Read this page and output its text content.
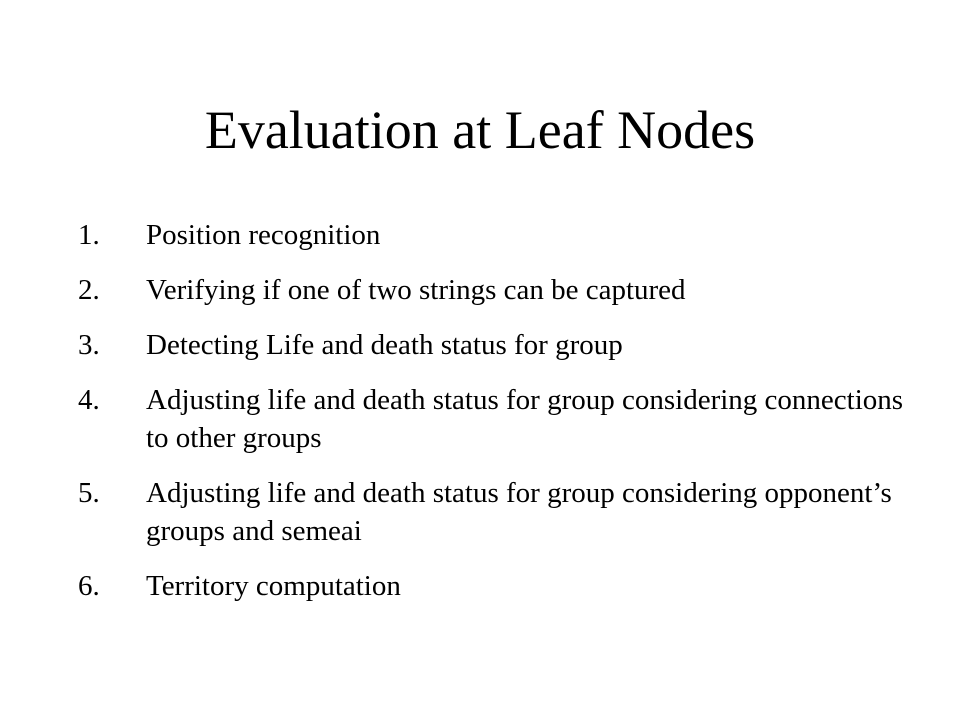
Evaluation at Leaf Nodes
1.	Position recognition
2.	Verifying if one of two strings can be captured
3.	Detecting Life and death status for group
4.	Adjusting life and death status for group considering connections to other groups
5.	Adjusting life and death status for group considering opponent’s groups and semeai
6.	Territory computation
